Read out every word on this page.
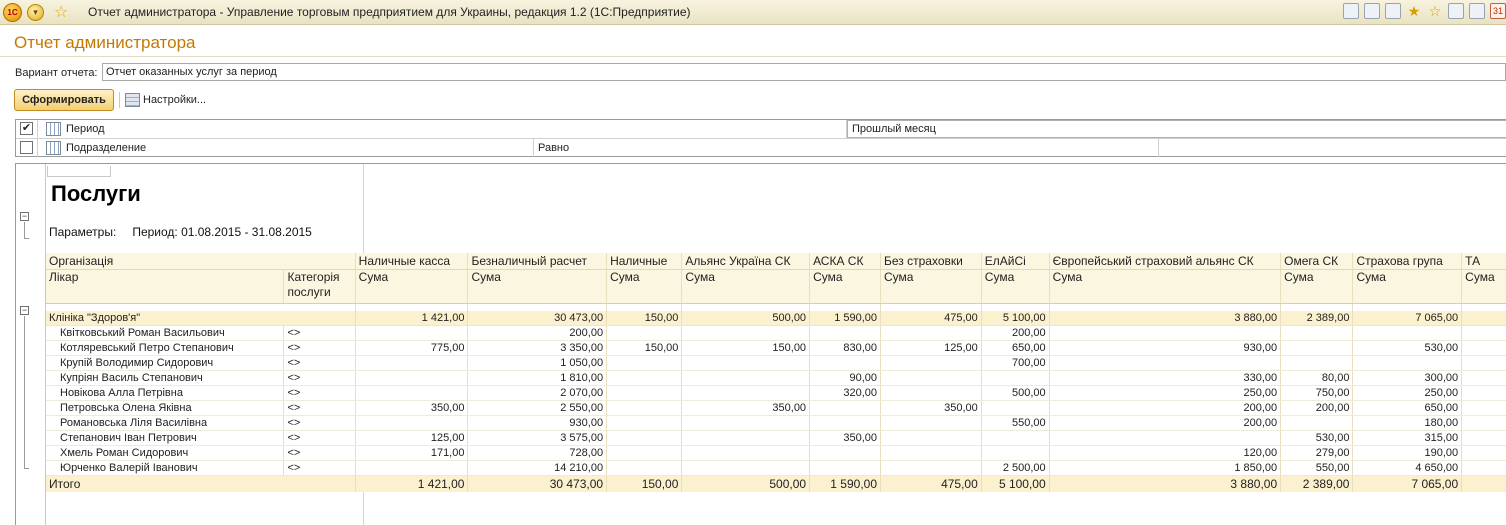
1С	▾	☆ Отчет администратора - Управление торговым предприятием для Украины, редакция 1.2 (1С:Предприятие)	★ ☆	31
Отчет администратора
Вариант отчета: Отчет оказанных услуг за период
Сформировать	Настройки...
✔	Период	Прошлый месяц
Подразделение	Равно
−
−
Послуги
Параметры: Период: 01.08.2015 - 31.08.2015
Організація		Наличные касса	Безналичный расчет	Наличные	Альянс Україна СК	АСКА СК	Без страховки	ЕлАйСі	Європейський страховий альянс СК	Омега СК	Страхова група	ТА
Лікар	Категорія послуги	Сума	Сума	Сума	Сума	Сума	Сума	Сума	Сума	Сума	Сума	Сума

Клініка "Здоров'я"		1 421,00	30 473,00	150,00	500,00	1 590,00	475,00	5 100,00	3 880,00	2 389,00	7 065,00	
Квітковський Роман Васильович	<>		200,00					200,00				
Котляревський Петро Степанович	<>	775,00	3 350,00	150,00	150,00	830,00	125,00	650,00	930,00		530,00	
Крупій Володимир Сидорович	<>		1 050,00					700,00				
Купріян Василь Степанович	<>		1 810,00			90,00			330,00	80,00	300,00	
Новікова Алла Петрівна	<>		2 070,00			320,00		500,00	250,00	750,00	250,00	
Петровська Олена Яківна	<>	350,00	2 550,00		350,00		350,00		200,00	200,00	650,00	
Романовська Ліля Василівна	<>		930,00					550,00	200,00		180,00	
Степанович Іван Петрович	<>	125,00	3 575,00			350,00				530,00	315,00	
Хмель Роман Сидорович	<>	171,00	728,00						120,00	279,00	190,00	
Юрченко Валерій Іванович	<>		14 210,00					2 500,00	1 850,00	550,00	4 650,00	
Итого		1 421,00	30 473,00	150,00	500,00	1 590,00	475,00	5 100,00	3 880,00	2 389,00	7 065,00	
